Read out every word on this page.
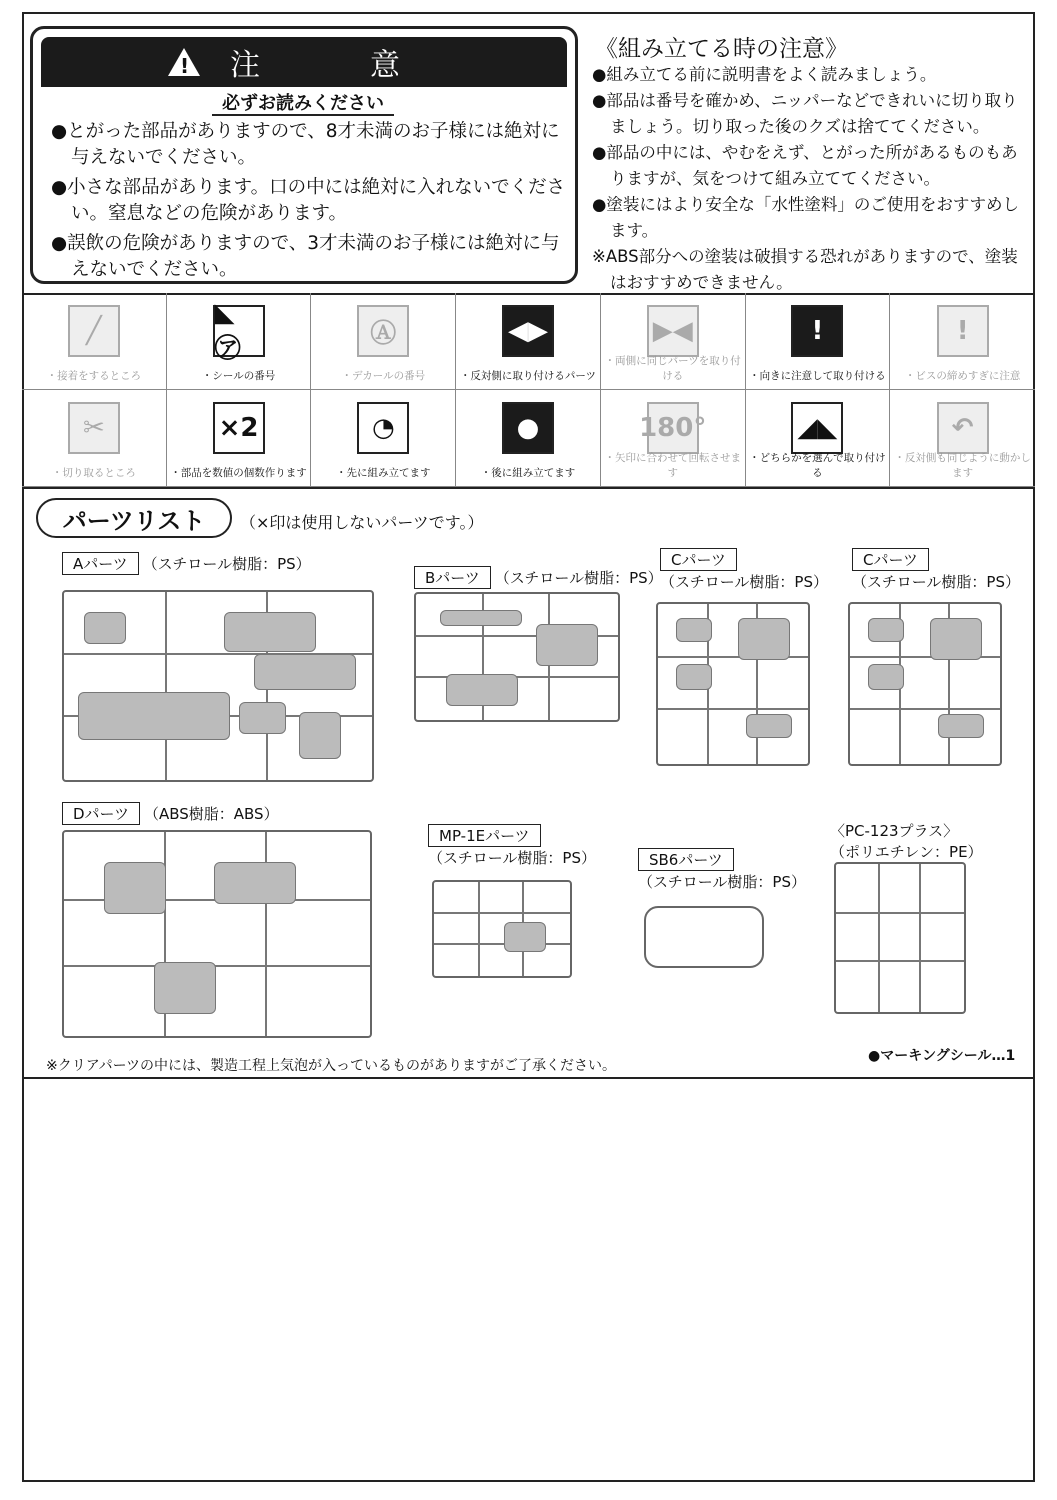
!
注　意
必ずお読みください

●とがった部品がありますので、8才未満のお子様には絶対に与えないでください。

●小さな部品があります。口の中には絶対に入れないでください。窒息などの危険があります。

●誤飲の危険がありますので、3才未満のお子様には絶対に与えないでください。

《組み立てる時の注意》

●組み立てる前に説明書をよく読みましょう。

●部品は番号を確かめ、ニッパーなどできれいに切り取りましょう。切り取った後のクズは捨ててください。

●部品の中には、やむをえず、とがった所があるものもありますが、気をつけて組み立ててください。

●塗装にはより安全な「水性塗料」のご使用をおすすめします。

※ABS部分への塗装は破損する恐れがありますので、塗装はおすすめできません。

╱
・接着をするところ
◣ ㋐
・シールの番号
Ⓐ
・デカールの番号
◀▶
・反対側に取り付けるパーツ
▶◀
・両側に同じパーツを取り付ける
!
・向きに注意して取り付ける
!
・ビスの締めすぎに注意
✂
・切り取るところ
×2
・部品を数値の個数作ります
◔
・先に組み立てます
●
・後に組み立てます
180°
・矢印に合わせて回転させます
◢◣
・どちらかを選んで取り付ける
↶
・反対側も同じように動かします
パーツリスト	（×印は使用しないパーツです。）
Aパーツ （スチロール樹脂：PS）
Bパーツ （スチロール樹脂：PS）
Cパーツ
（スチロール樹脂：PS）
Cパーツ
（スチロール樹脂：PS）
Dパーツ （ABS樹脂：ABS）
MP-1Eパーツ
（スチロール樹脂：PS）	SB6パーツ
（スチロール樹脂：PS）
〈PC-123プラス〉
（ポリエチレン：PE）
※クリアパーツの中には、製造工程上気泡が入っているものがありますがご了承ください。
●マーキングシール…1
